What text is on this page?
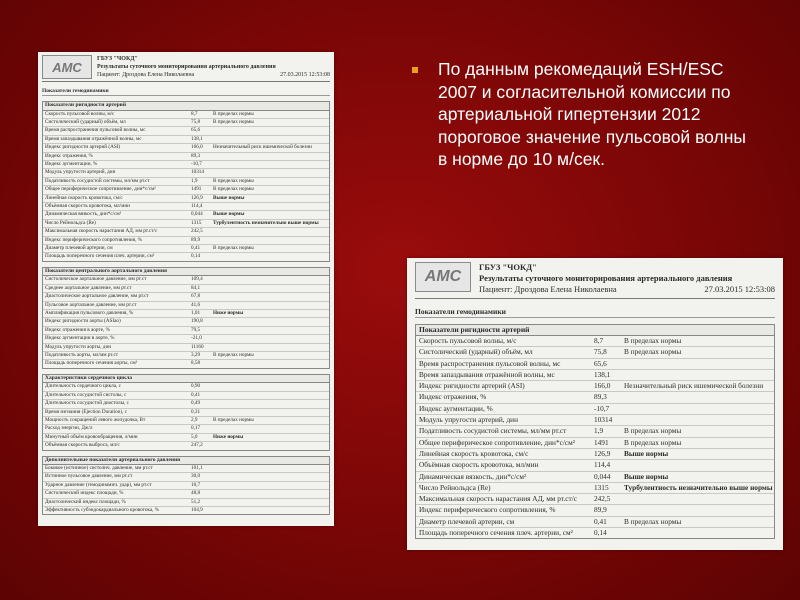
По данным рекомедаций ESH/ESC 2007 и согласительной комиссии по артериальной гипертензии 2012 пороговое значение пульсовой волны в норме до 10 м/сек.
АМС
ГБУЗ "ЧОКД"
Результаты суточного мониторирования артериального давления
Пациент: Дроздова Елена Николаевна	27.03.2015 12:53:08
Показатели гемодинамики
Показатели ригидности артерий
Скорость пульсовой волны, м/с	8,7	В пределах нормы
Систолический (ударный) объём, мл	75,8	В пределах нормы
Время распространения пульсовой волны, мс	65,6
Время запаздывания отражённой волны, мс	138,1
Индекс ригидности артерий (ASI)	166,0	Незначительный риск ишемической болезни
Индекс отражения, %	89,3
Индекс аугментации, %	-10,7
Модуль упругости артерий, дин	10314
Податливость сосудистой системы, мл/мм рт.ст	1,9	В пределах нормы
Общее периферическое сопротивление, дин*с/см²	1491	В пределах нормы
Линейная скорость кровотока, см/с	126,9	Выше нормы
Объёмная скорость кровотока, мл/мин	114,4
Динамическая вязкость, дин*с/см²	0,044	Выше нормы
Число Рейнольдса (Re)	1315	Турбулентность незначительно выше нормы
Максимальная скорость нарастания АД, мм рт.ст/с	242,5
Индекс периферического сопротивления, %	89,9
Диаметр плечевой артерии, см	0,41	В пределах нормы
Площадь поперечного сечения плеч. артерии, см²	0,14
Показатели центрального аортального давления
Систолическое аортальное давление, мм рт.ст	109,4
Среднее аортальное давление, мм рт.ст	84,1
Диастолическое аортальное давление, мм рт.ст	67,8
Пульсовое аортальное давление, мм рт.ст	41,6
Амплификация пульсового давления, %	1,01	Ниже нормы
Индекс ригидности аорты (ASIao)	190,8
Индекс отражения в аорте, %	79,5
Индекс аугментации в аорте, %	-21,0
Модуль упругости аорты, дин	11160
Податливость аорты, мл/мм рт.ст	3,29	В пределах нормы
Площадь поперечного сечения аорты, см²	8,58
Характеристики сердечного цикла
Длительность сердечного цикла, с	0,90
Длительность сосудистой систолы, с	0,41
Длительность сосудистой диастолы, с	0,49
Время изгнания (Ejection Duration), с	0,31
Мощность сокращений левого желудочка, Вт	2,9	В пределах нормы
Расход энергии, Дж/л	0,17
Минутный объём кровообращения, л/мин	5,0	Ниже нормы
Объёмная скорость выброса, мл/с	247,2
Дополнительные показатели артериального давления
Боковое (истинное) систолич. давление, мм рт.ст	101,1
Истинное пульсовое давление, мм рт.ст	30,0
Ударное давление (гемодинамич. удар), мм рт.ст	10,7
Систолический индекс площади, %	48,8
Диастолический индекс площади, %	51,2
Эффективность субэндокардиального кровотока, %	104,9
АМС
ГБУЗ "ЧОКД"
Результаты суточного мониторирования артериального давления
Пациент: Дроздова Елена Николаевна	27.03.2015 12:53:08
Показатели гемодинамики
Показатели ригидности артерий
Скорость пульсовой волны, м/с	8,7	В пределах нормы
Систолический (ударный) объём, мл	75,8	В пределах нормы
Время распространения пульсовой волны, мс	65,6
Время запаздывания отражённой волны, мс	138,1
Индекс ригидности артерий (ASI)	166,0	Незначительный риск ишемической болезни
Индекс отражения, %	89,3
Индекс аугментации, %	-10,7
Модуль упругости артерий, дин	10314
Податливость сосудистой системы, мл/мм рт.ст	1,9	В пределах нормы
Общее периферическое сопротивление, дин*с/см²	1491	В пределах нормы
Линейная скорость кровотока, см/с	126,9	Выше нормы
Объёмная скорость кровотока, мл/мин	114,4
Динамическая вязкость, дин*с/см²	0,044	Выше нормы
Число Рейнольдса (Re)	1315	Турбулентность незначительно выше нормы
Максимальная скорость нарастания АД, мм рт.ст/с	242,5
Индекс периферического сопротивления, %	89,9
Диаметр плечевой артерии, см	0,41	В пределах нормы
Площадь поперечного сечения плеч. артерии, см²	0,14
